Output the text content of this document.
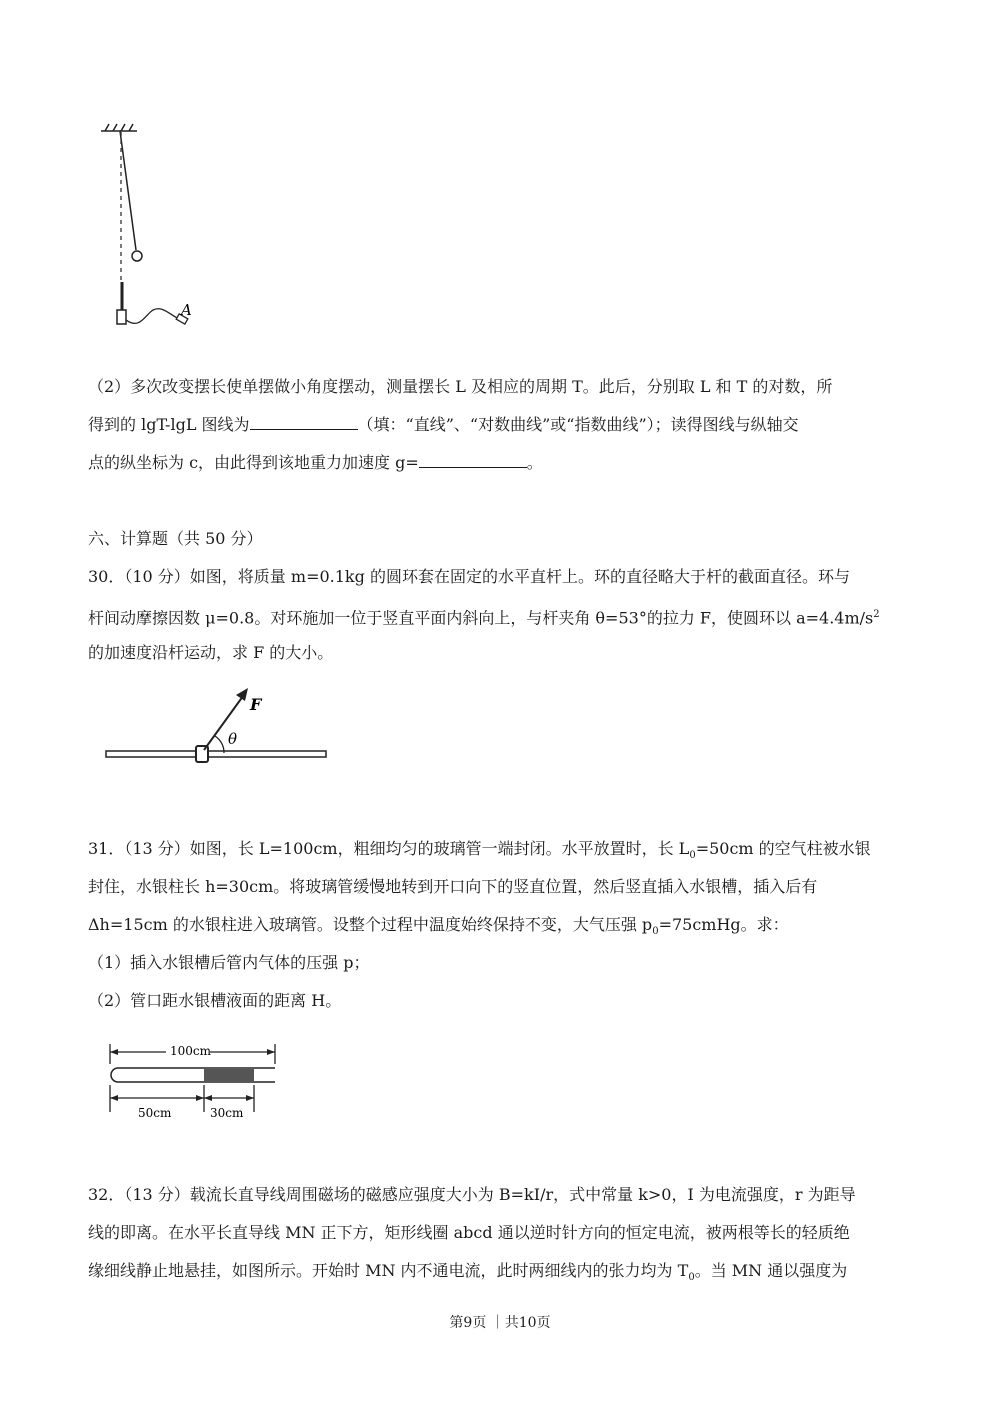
A
（2）多次改变摆长使单摆做小角度摆动，测量摆长 L 及相应的周期 T。此后，分别取 L 和 T 的对数，所
得到的 lgT-lgL 图线为	（填：“直线”、“对数曲线”或“指数曲线”）；读得图线与纵轴交
点的纵坐标为 c，由此得到该地重力加速度 g=	。
六、计算题（共 50 分）
30．（10 分）如图，将质量 m=0.1kg 的圆环套在固定的水平直杆上。环的直径略大于杆的截面直径。环与
杆间动摩擦因数 μ=0.8。对环施加一位于竖直平面内斜向上，与杆夹角 θ=53°的拉力 F，使圆环以 $a=4.4m/s^2$
的加速度沿杆运动，求 F 的大小。
F
θ
31．（13 分）如图，长 L=100cm，粗细均匀的玻璃管一端封闭。水平放置时，长 $L_0=50cm$ 的空气柱被水银
封住，水银柱长 h=30cm。将玻璃管缓慢地转到开口向下的竖直位置，然后竖直插入水银槽，插入后有
Δh=15cm 的水银柱进入玻璃管。设整个过程中温度始终保持不变，大气压强 $p_0=75cmHg$。求：
（1）插入水银槽后管内气体的压强 p；
（2）管口距水银槽液面的距离 H。
100cm
50cm	30cm
32．（13 分）载流长直导线周围磁场的磁感应强度大小为 B=kI/r，式中常量 k>0，I 为电流强度，r 为距导
线的即离。在水平长直导线 MN 正下方，矩形线圈 abcd 通以逆时针方向的恒定电流，被两根等长的轻质绝
缘细线静止地悬挂，如图所示。开始时 MN 内不通电流，此时两细线内的张力均为 $T_0$。当 MN 通以强度为
第9页 ｜共10页
